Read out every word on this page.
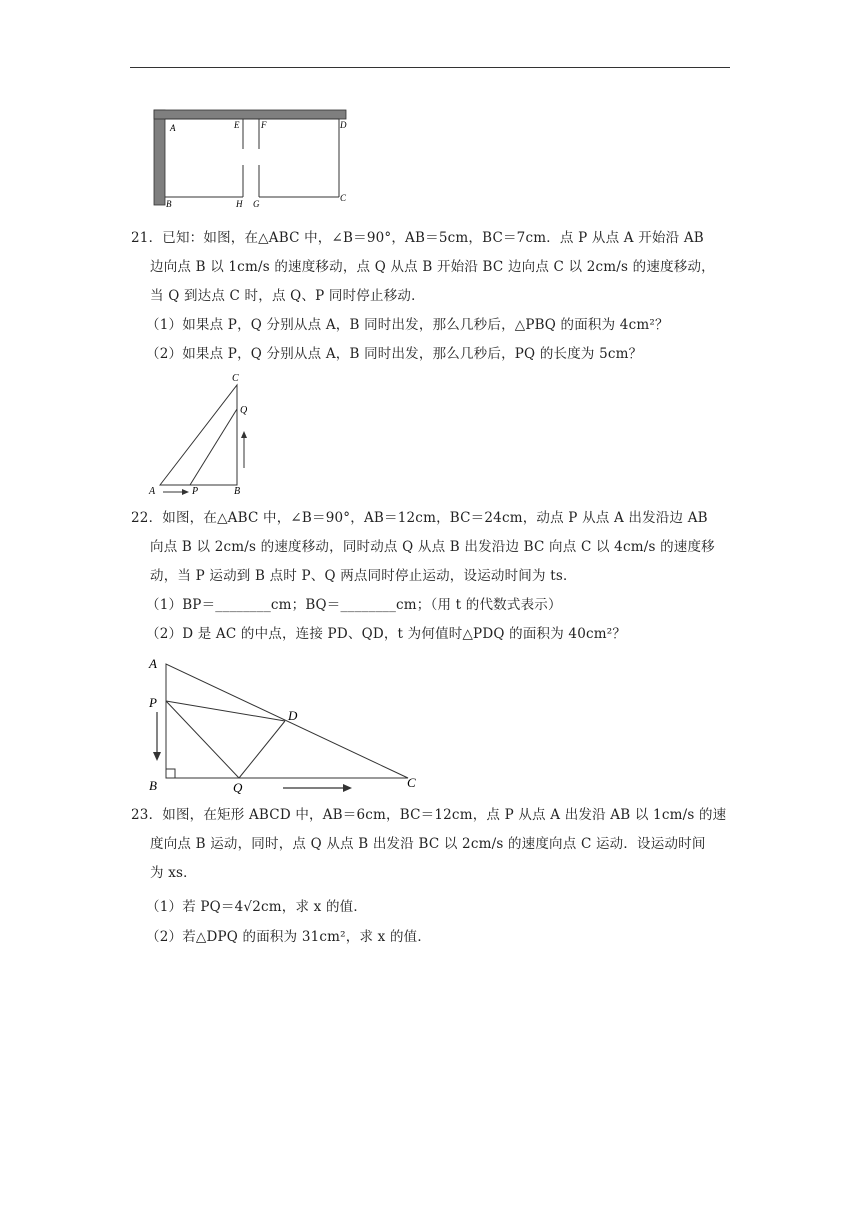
A	E F	D
B	H G
C
21．已知：如图，在△ABC 中，∠B＝90°，AB＝5cm，BC＝7cm．点 P 从点 A 开始沿 AB
边向点 B 以 1cm/s 的速度移动，点 Q 从点 B 开始沿 BC 边向点 C 以 2cm/s 的速度移动，
当 Q 到达点 C 时，点 Q、P 同时停止移动．
（1）如果点 P，Q 分别从点 A，B 同时出发，那么几秒后，△PBQ 的面积为 4cm²？
（2）如果点 P，Q 分别从点 A，B 同时出发，那么几秒后，PQ 的长度为 5cm？
C
Q
A	P	B
22．如图，在△ABC 中，∠B＝90°，AB＝12cm，BC＝24cm，动点 P 从点 A 出发沿边 AB
向点 B 以 2cm/s 的速度移动，同时动点 Q 从点 B 出发沿边 BC 向点 C 以 4cm/s 的速度移
动，当 P 运动到 B 点时 P、Q 两点同时停止运动，设运动时间为 ts．
（1）BP＝________cm；BQ＝________cm；（用 t 的代数式表示）
（2）D 是 AC 的中点，连接 PD、QD，t 为何值时△PDQ 的面积为 40cm²？
A
P
D
B	Q	C
23．如图，在矩形 ABCD 中，AB＝6cm，BC＝12cm，点 P 从点 A 出发沿 AB 以 1cm/s 的速
度向点 B 运动，同时，点 Q 从点 B 出发沿 BC 以 2cm/s 的速度向点 C 运动．设运动时间
为 xs．
（1）若 PQ＝4√2cm，求 x 的值．
（2）若△DPQ 的面积为 31cm²，求 x 的值．
